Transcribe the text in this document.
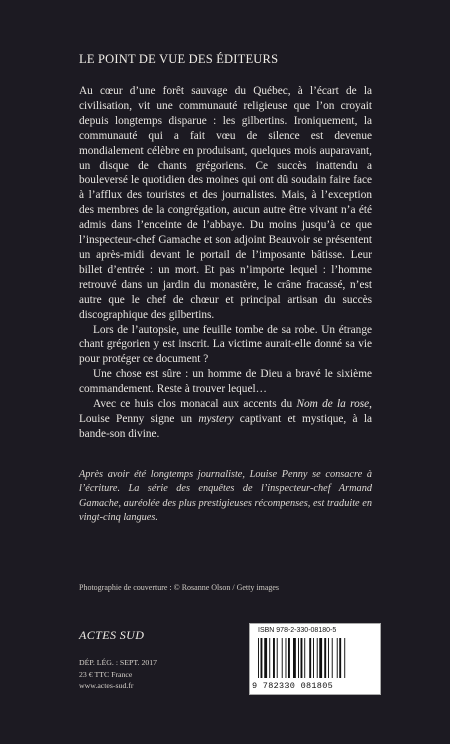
LE POINT DE VUE DES ÉDITEURS

Au cœur d’une forêt sauvage du Québec, à l’écart de la civilisation, vit une communauté religieuse que l’on croyait depuis longtemps disparue : les gilbertins. Ironiquement, la communauté qui a fait vœu de silence est devenue mondialement célèbre en produisant, quelques mois auparavant, un disque de chants grégoriens. Ce succès inattendu a bouleversé le quotidien des moines qui ont dû soudain faire face à l’afflux des touristes et des journalistes. Mais, à l’exception des membres de la congrégation, aucun autre être vivant n’a été admis dans l’enceinte de l’abbaye. Du moins jusqu’à ce que l’inspecteur-chef Gamache et son adjoint Beauvoir se présentent un après-midi devant le portail de l’imposante bâtisse. Leur billet d’entrée : un mort. Et pas n’importe lequel : l’homme retrouvé dans un jardin du monastère, le crâne fracassé, n’est autre que le chef de chœur et principal artisan du succès discographique des gilbertins.

Lors de l’autopsie, une feuille tombe de sa robe. Un étrange chant grégorien y est inscrit. La victime aurait-elle donné sa vie pour protéger ce document ?

Une chose est sûre : un homme de Dieu a bravé le sixième commandement. Reste à trouver lequel…

Avec ce huis clos monacal aux accents du Nom de la rose, Louise Penny signe un mystery captivant et mystique, à la bande-son divine.

Après avoir été longtemps journaliste, Louise Penny se consacre à l’écriture. La série des enquêtes de l’inspecteur-chef Armand Gamache, auréolée des plus prestigieuses récompenses, est traduite en vingt-cinq langues.
Photographie de couverture : © Rosanne Olson / Getty images
ACTES SUD
DÉP. LÉG. : SEPT. 2017
23 € TTC France
www.actes-sud.fr
ISBN 978-2-330-08180-5
9 782330 081805
